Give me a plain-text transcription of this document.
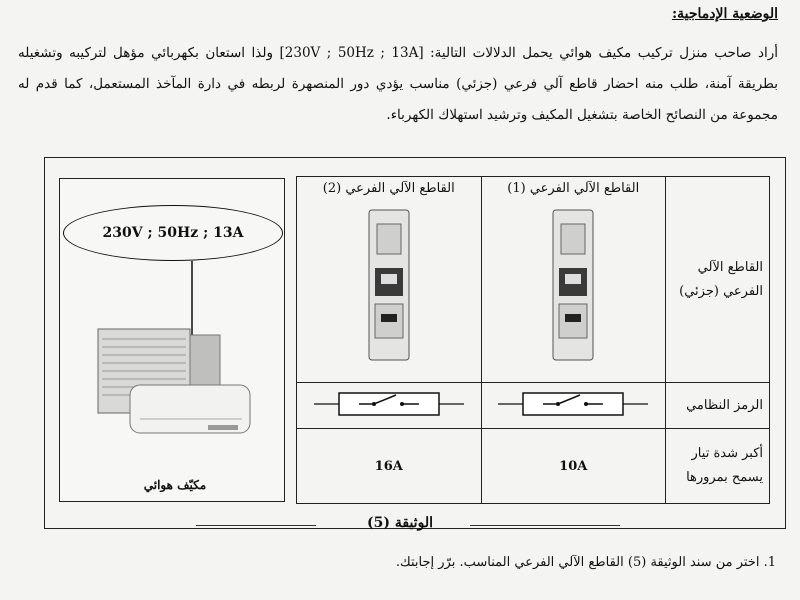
الوضعية الإدماجية:
أراد صاحب منزل تركيب مكيف هوائي يحمل الدلالات التالية: [230V ; 50Hz ; 13A] ولذا استعان بكهربائي مؤهل لتركيبه وتشغيله بطريقة آمنة، طلب منه احضار قاطع آلي فرعي (جزئي) مناسب يؤدي دور المنصهرة لربطه في دارة المآخذ المستعمل، كما قدم له مجموعة من النصائح الخاصة بتشغيل المكيف وترشيد استهلاك الكهرباء.
230V ; 50Hz ; 13A
مكيّف هوائي
القاطع الآلي الفرعي (جزئي)	القاطع الآلي الفرعي (1)	القاطع الآلي الفرعي (2)

الرمز النظامي		
أكبر شدة تيار يسمح بمرورها	10A	16A
الوثيقة (5)
1. اختر من سند الوثيقة (5) القاطع الآلي الفرعي المناسب. برّر إجابتك.
